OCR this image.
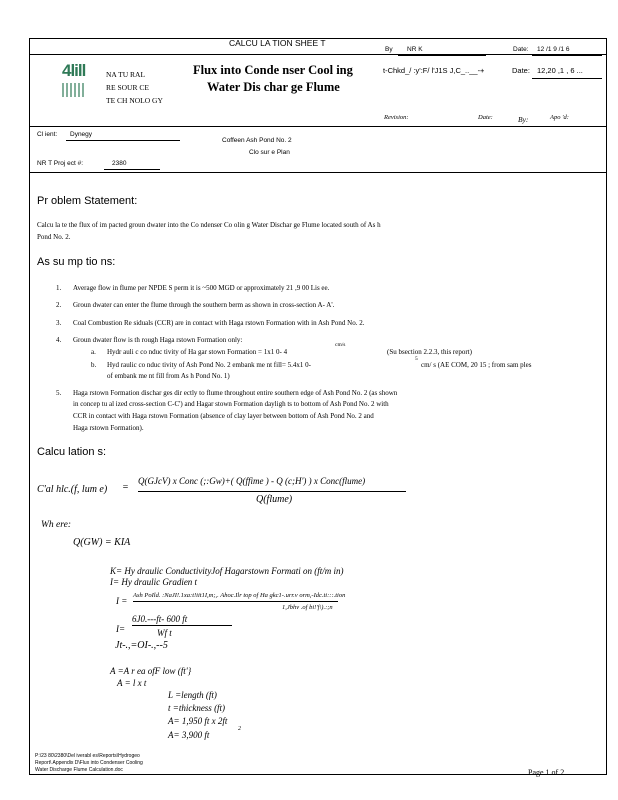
CALCU LA TION SHEE T
4lill	NA TU RAL
RE SOUR CE
TE CH NOLO GY
Flux into Conde nser Cool ing
Water Dis char ge Flume
By NR K	Date: 12 /1 9 /1 6
t-Chkd_/ :y':F/ l'J1S J,C_..__-+	Date: 12,20 ,1 , 6 ...
Revision:	Date:	By:	Apo 'd:
Cl ient: Dynegy
Coffeen Ash Pond No. 2
Clo sur e Plan
NR T Proj ect #:	2380
Pr oblem Statement:
Calcu la te the flux of im pacted groun dwater into the Co ndenser Co olin g Water Dischar ge Flume located south of As h
Pond No. 2.
As su mp tio ns:
1. Average flow in flume per NPDE S perm it is ~500 MGD or approximately 21 ,9 00 Lis ee.
2. Groun dwater can enter the flume through the southern berm as shown in cross-section A- A'.
3. Coal Combustion Re siduals (CCR) are in contact with Haga rstown Formation with in Ash Pond No. 2.
4. Groun dwater flow is th rough Haga rstown Formation only:
a. Hydr auli c co nduc tivity of Ha gar stown Formation = 1x1 0- 4
cm/s
(Su bsection 2.2.3, this report)
b. Hyd raulic co nduc tivity of Ash Pond No. 2 embank me nt fill= 5.4x1 0-
5
cm/ s (AE COM, 20 15 ; from sam ples
of embank me nt fill from As h Pond No. 1)
5. Haga rstown Formation dischar ges dir ectly to flume throughout entire southern edge of Ash Pond No. 2 (as shown
in concep tu al ized cross-section C-C') and Hagar stown Formation dayligh ts to bottom of Ash Pond No. 2 with
CCR in contact with Haga rstown Formation (absence of clay layer between bottom of Ash Pond No. 2 and
Haga rstown Formation).
Calcu lation s:
C'al hlc.(f, lum e) =
Q(GJcV) x Conc (;:Gw)+( Q(ffime ) - Q (c;H') ) x Conc(flume)
Q(flume)
Wh ere:
Q(GW) = KIA
K= Hy draulic ConductivityJof Hagarstown Formati on (ft/m in)
I= Hy draulic Gradien t
I =
Ash PoIld. :NaJI!.1xa:t!iit1I,m;,. Ahoc.Ilr top of Ha gkc1-.urr.v orm,-Idc.ti:::.tion
1,Jbhv .of bi!'f\).:;n
I=
6J0.---ft- 600 ft
Wf t
Jt-.,=OI-.,--5
A =A r ea ofF low (ft'}
A = l x t
L =length (ft)
t =thickness (ft)
A= 1,950 ft x 2ft
A= 3,900 ft
2
P:\23 80\2380\Del iverabl es\Reports\Hydrogeo
Report\ Appendix D\Flux into Condenser Cooling
Water Discharge Flume Calculation.doc	Page 1 of 2
